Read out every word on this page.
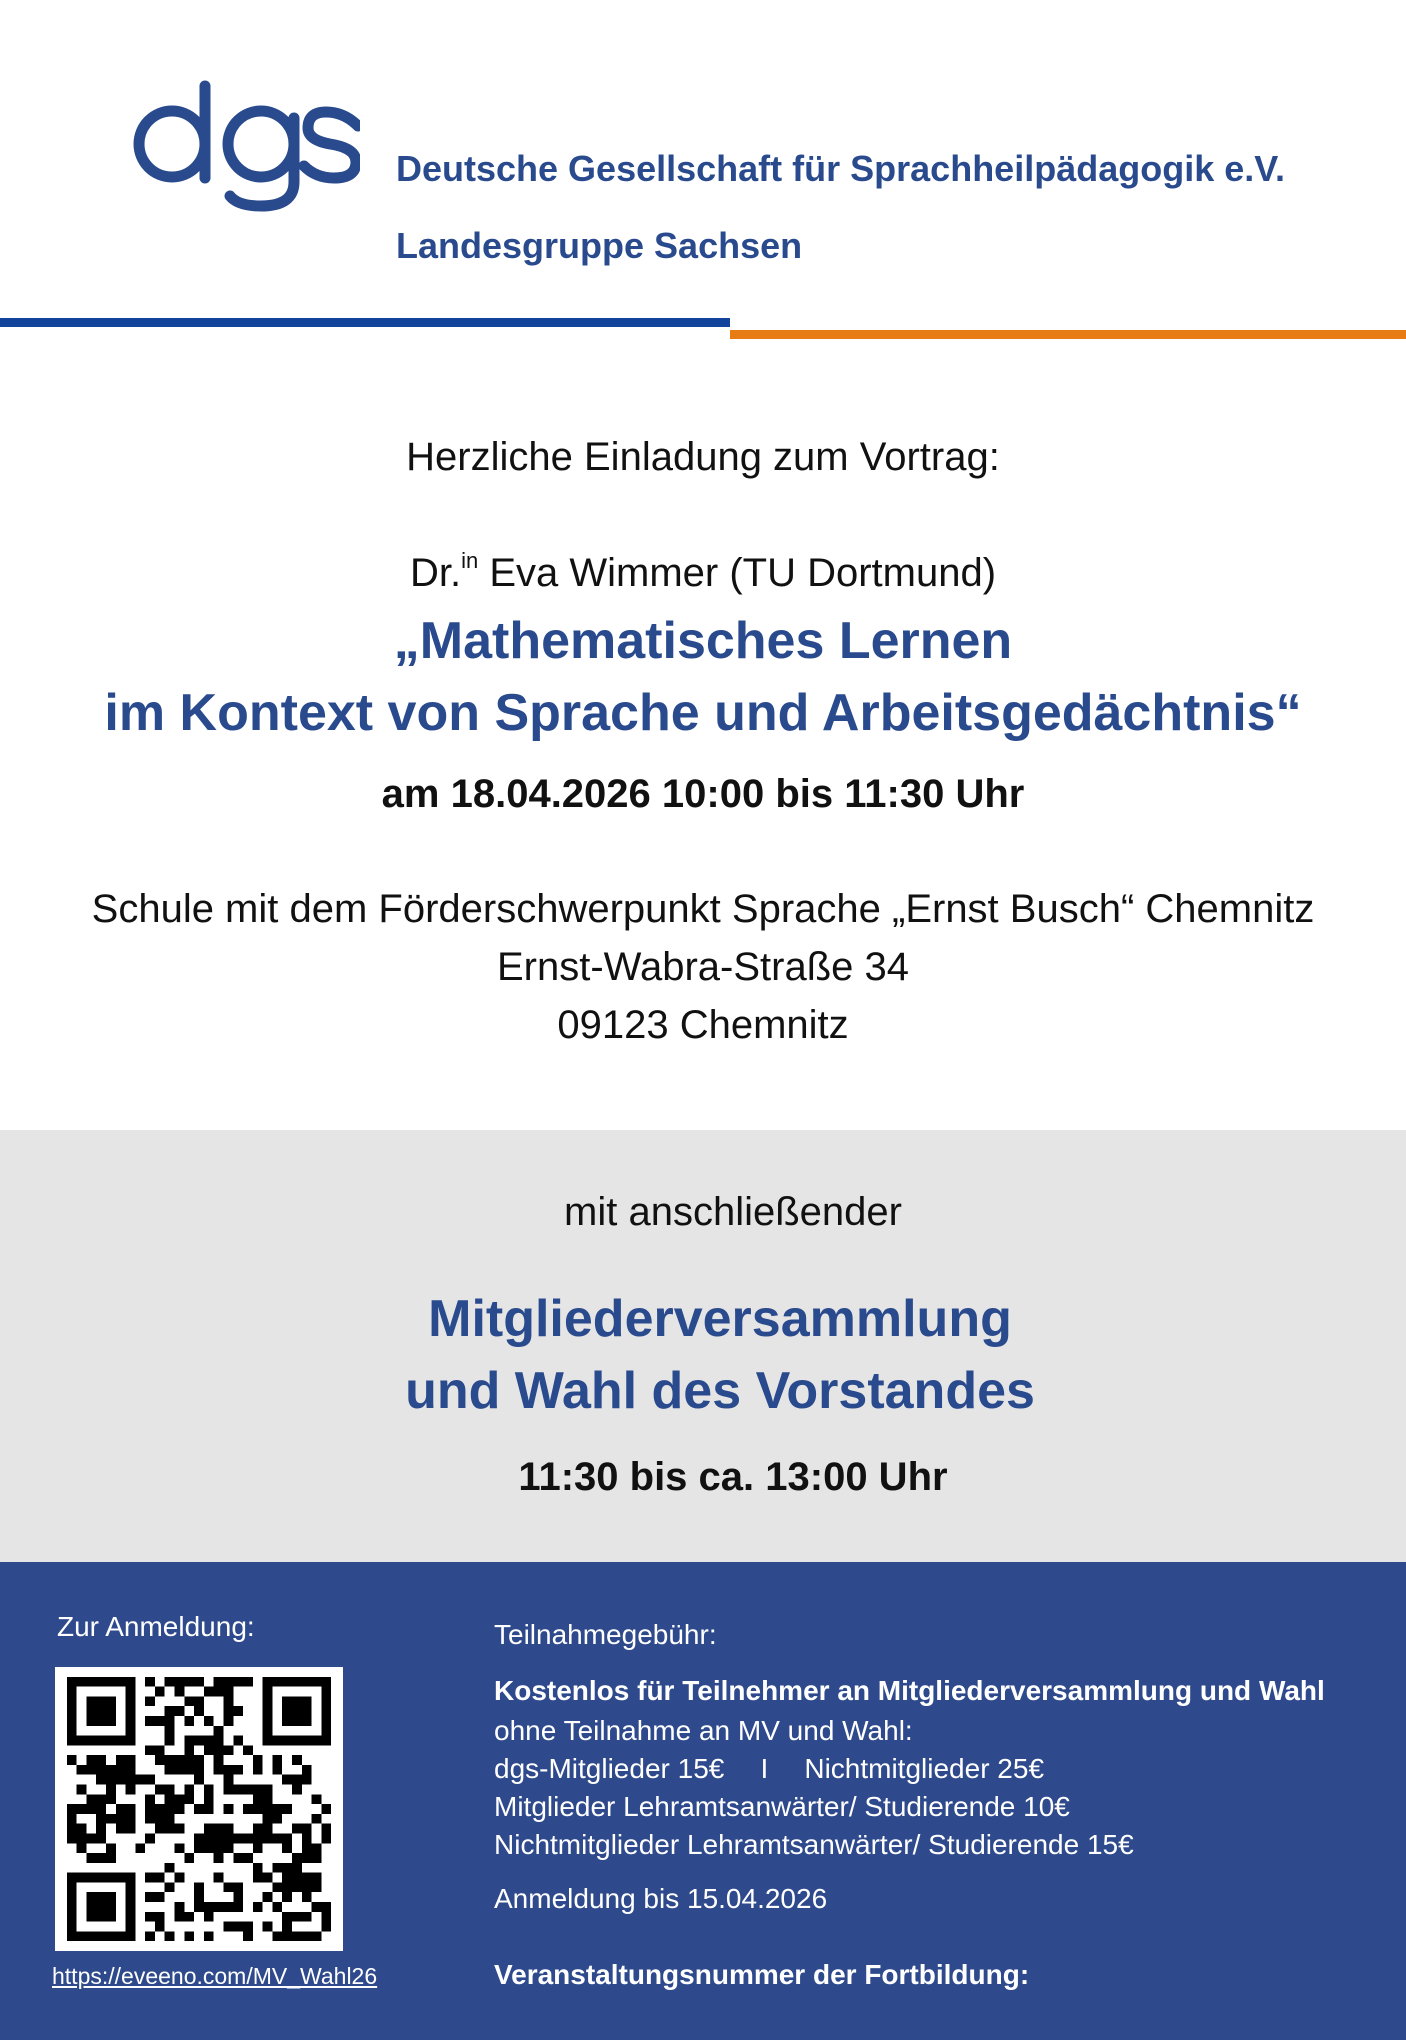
Deutsche Gesellschaft für Sprachheilpädagogik e.V.
Landesgruppe Sachsen
Herzliche Einladung zum Vortrag:
Dr.$^{in}$ Eva Wimmer (TU Dortmund)
„Mathematisches Lernen
im Kontext von Sprache und Arbeitsgedächtnis“
am 18.04.2026 10:00 bis 11:30 Uhr
Schule mit dem Förderschwerpunkt Sprache „Ernst Busch“ Chemnitz
Ernst-Wabra-Straße 34
09123 Chemnitz
mit anschließender
Mitgliederversammlung
und Wahl des Vorstandes
11:30 bis ca. 13:00 Uhr
Zur Anmeldung:
https://eveeno.com/MV_Wahl26
Teilnahmegebühr:
Kostenlos für Teilnehmer an Mitgliederversammlung und Wahl
ohne Teilnahme an MV und Wahl:
dgs-Mitglieder 15€ I Nichtmitglieder 25€
Mitglieder Lehramtsanwärter/ Studierende 10€
Nichtmitglieder Lehramtsanwärter/ Studierende 15€
Anmeldung bis 15.04.2026
Veranstaltungsnummer der Fortbildung:
